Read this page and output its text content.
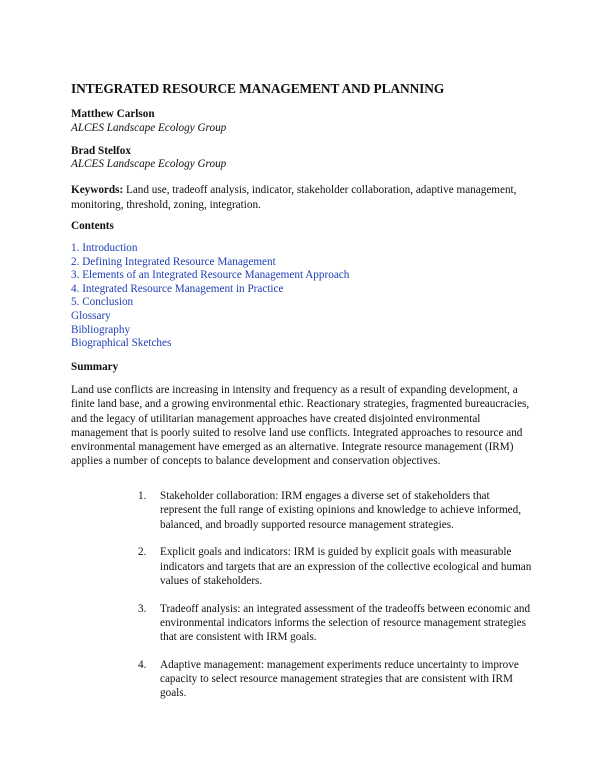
INTEGRATED RESOURCE MANAGEMENT AND PLANNING
Matthew Carlson
ALCES Landscape Ecology Group
Brad Stelfox
ALCES Landscape Ecology Group
Keywords: Land use, tradeoff analysis, indicator, stakeholder collaboration, adaptive management, monitoring, threshold, zoning, integration.
Contents
1. Introduction
2. Defining Integrated Resource Management
3. Elements of an Integrated Resource Management Approach
4. Integrated Resource Management in Practice
5. Conclusion
Glossary
Bibliography
Biographical Sketches
Summary

Land use conflicts are increasing in intensity and frequency as a result of expanding development, a finite land base, and a growing environmental ethic. Reactionary strategies, fragmented bureaucracies, and the legacy of utilitarian management approaches have created disjointed environmental management that is poorly suited to resolve land use conflicts. Integrated approaches to resource and environmental management have emerged as an alternative. Integrate resource management (IRM) applies a number of concepts to balance development and conservation objectives.

1. Stakeholder collaboration: IRM engages a diverse set of stakeholders that represent the full range of existing opinions and knowledge to achieve informed, balanced, and broadly supported resource management strategies.
2. Explicit goals and indicators: IRM is guided by explicit goals with measurable indicators and targets that are an expression of the collective ecological and human values of stakeholders.
3. Tradeoff analysis: an integrated assessment of the tradeoffs between economic and environmental indicators informs the selection of resource management strategies that are consistent with IRM goals.
4. Adaptive management: management experiments reduce uncertainty to improve capacity to select resource management strategies that are consistent with IRM goals.
